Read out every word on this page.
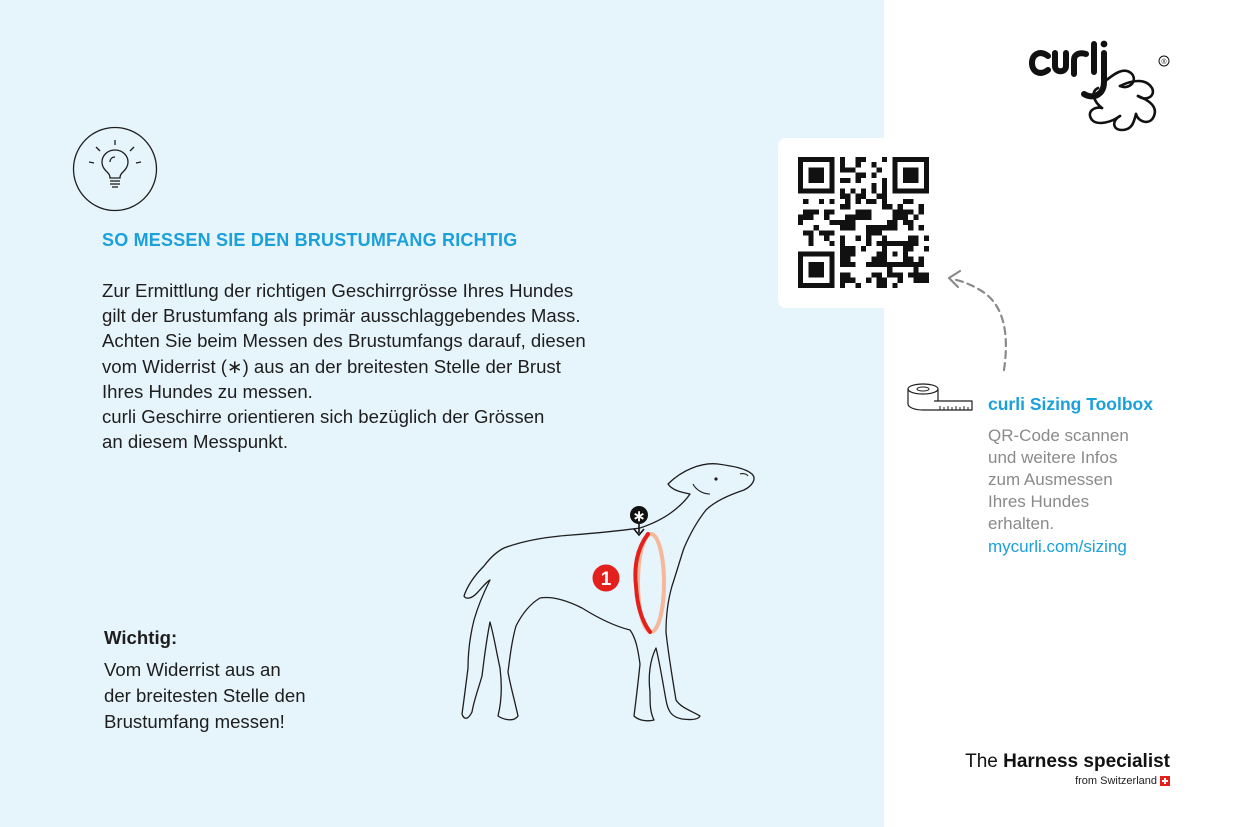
SO MESSEN SIE DEN BRUSTUMFANG RICHTIG
Zur Ermittlung der richtigen Geschirrgrösse Ihres Hundes
gilt der Brustumfang als primär ausschlaggebendes Mass.
Achten Sie beim Messen des Brustumfangs darauf, diesen
vom Widerrist (∗) aus an der breitesten Stelle der Brust
Ihres Hundes zu messen.
curli Geschirre orientieren sich bezüglich der Grössen
an diesem Messpunkt.
Wichtig:
Vom Widerrist aus an
der breitesten Stelle den
Brustumfang messen!
∗
1
®
curli Sizing Toolbox
QR-Code scannen
und weitere Infos
zum Ausmessen
Ihres Hundes
erhalten.
mycurli.com/sizing
The Harness specialist
from Switzerland
